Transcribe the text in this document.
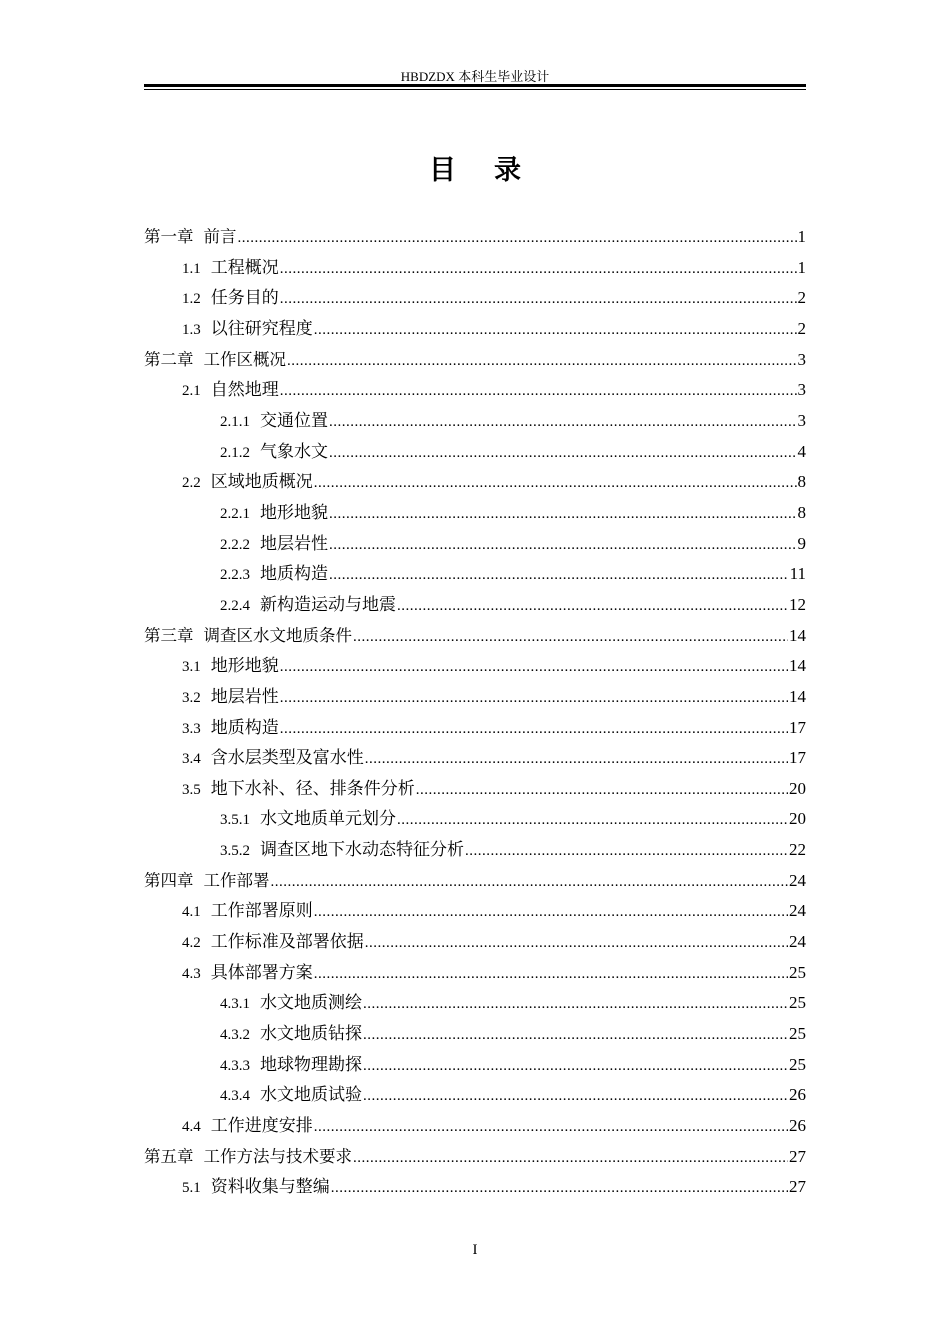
HBDZDX 本科生毕业设计
目录
第一章 前言 .....	1
1.1 工程概况 .....	1
1.2 任务目的 .....	2
1.3 以往研究程度 .....	2
第二章 工作区概况 .....	3
2.1 自然地理 .....	3
2.1.1 交通位置 .....	3
2.1.2 气象水文 .....	4
2.2 区域地质概况 .....	8
2.2.1 地形地貌 .....	8
2.2.2 地层岩性 .....	9
2.2.3 地质构造 .....	11
2.2.4 新构造运动与地震 .....	12
第三章 调查区水文地质条件 .....	14
3.1 地形地貌 .....	14
3.2 地层岩性 .....	14
3.3 地质构造 .....	17
3.4 含水层类型及富水性 .....	17
3.5 地下水补、径、排条件分析 .....	20
3.5.1 水文地质单元划分 .....	20
3.5.2 调查区地下水动态特征分析 .....	22
第四章 工作部署 .....	24
4.1 工作部署原则 .....	24
4.2 工作标准及部署依据 .....	24
4.3 具体部署方案 .....	25
4.3.1 水文地质测绘 .....	25
4.3.2 水文地质钻探 .....	25
4.3.3 地球物理勘探 .....	25
4.3.4 水文地质试验 .....	26
4.4 工作进度安排 .....	26
第五章 工作方法与技术要求 .....	27
5.1 资料收集与整编 .....	27
I
